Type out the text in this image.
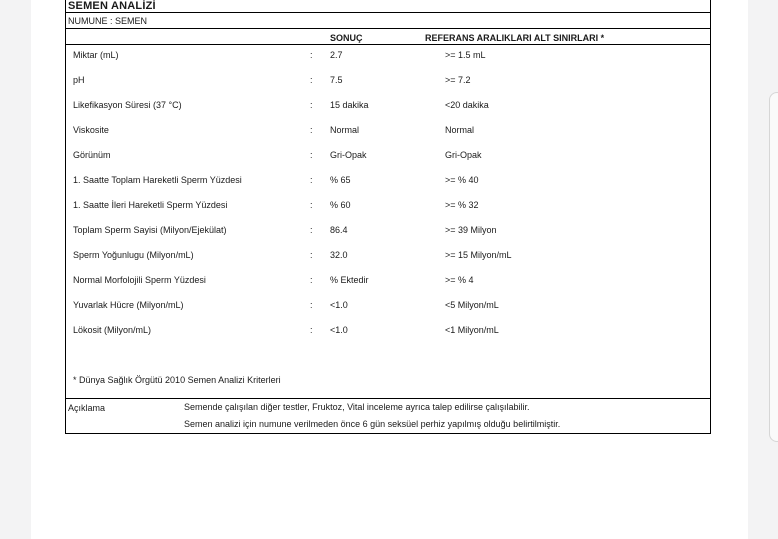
SEMEN ANALİZİ
NUMUNE : SEMEN
SONUÇ	REFERANS ARALIKLARI ALT SINIRLARI *
Miktar (mL)	: 2.7	>= 1.5 mL
pH	: 7.5	>= 7.2
Likefikasyon Süresi (37 °C)	: 15 dakika	<20 dakika
Viskosite	: Normal	Normal
Görünüm	: Gri-Opak	Gri-Opak
1. Saatte Toplam Hareketli Sperm Yüzdesi	: % 65	>= % 40
1. Saatte İleri Hareketli Sperm Yüzdesi	: % 60	>= % 32
Toplam Sperm Sayisi (Milyon/Ejekülat)	: 86.4	>= 39 Milyon
Sperm Yoğunlugu (Milyon/mL)	: 32.0	>= 15 Milyon/mL
Normal Morfolojili Sperm Yüzdesi	: % Ektedir	>= % 4
Yuvarlak Hücre (Milyon/mL)	: <1.0	<5 Milyon/mL
Lökosit (Milyon/mL)	: <1.0	<1 Milyon/mL
* Dünya Sağlık Örgütü 2010 Semen Analizi Kriterleri
Açıklama	Semende çalışılan diğer testler, Fruktoz, Vital inceleme ayrıca talep edilirse çalışılabilir.
Semen analizi için numune verilmeden önce 6 gün seksüel perhiz yapılmış olduğu belirtilmiştir.
